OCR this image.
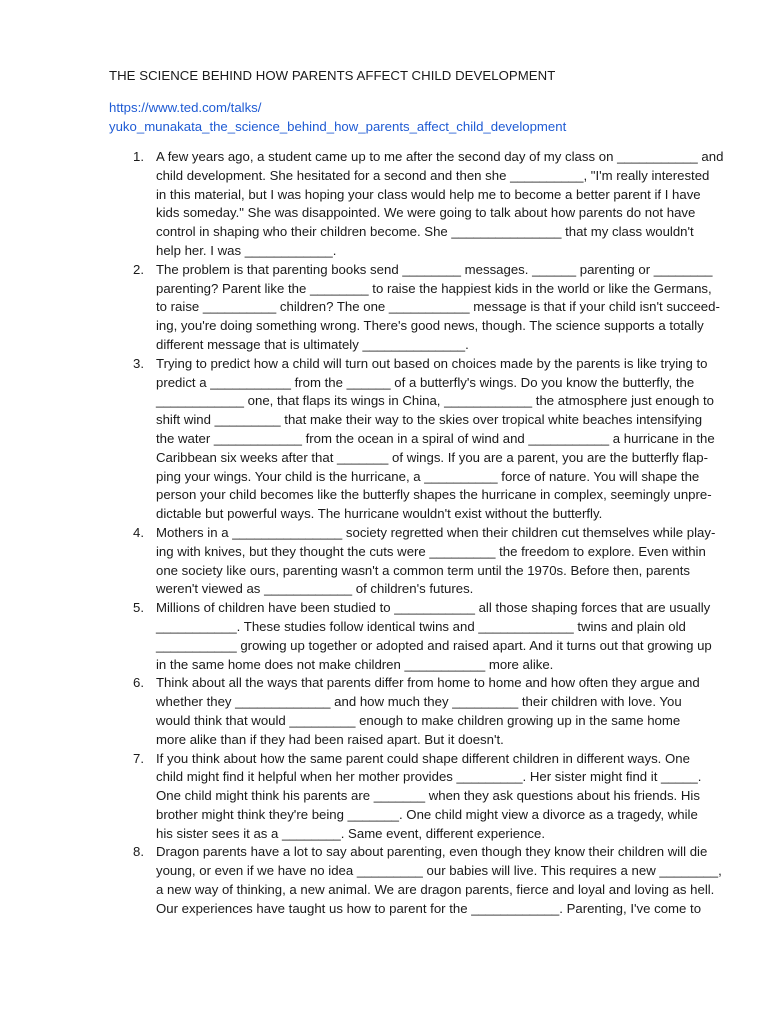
THE SCIENCE BEHIND HOW PARENTS AFFECT CHILD DEVELOPMENT
https://www.ted.com/talks/
yuko_munakata_the_science_behind_how_parents_affect_child_development
1. A few years ago, a student came up to me after the second day of my class on ___________ and
child development. She hesitated for a second and then she __________, "I'm really interested
in this material, but I was hoping your class would help me to become a better parent if I have
kids someday." She was disappointed. We were going to talk about how parents do not have
control in shaping who their children become. She _______________ that my class wouldn't
help her. I was ____________.
2. The problem is that parenting books send ________ messages. ______ parenting or ________
parenting? Parent like the ________ to raise the happiest kids in the world or like the Germans,
to raise __________ children? The one ___________ message is that if your child isn't succeed-
ing, you're doing something wrong. There's good news, though. The science supports a totally
different message that is ultimately ______________.
3. Trying to predict how a child will turn out based on choices made by the parents is like trying to
predict a ___________ from the ______ of a butterfly's wings. Do you know the butterfly, the
____________ one, that flaps its wings in China, ____________ the atmosphere just enough to
shift wind _________ that make their way to the skies over tropical white beaches intensifying
the water ____________ from the ocean in a spiral of wind and ___________ a hurricane in the
Caribbean six weeks after that _______ of wings. If you are a parent, you are the butterfly flap-
ping your wings. Your child is the hurricane, a __________ force of nature. You will shape the
person your child becomes like the butterfly shapes the hurricane in complex, seemingly unpre-
dictable but powerful ways. The hurricane wouldn't exist without the butterfly.
4. Mothers in a _______________ society regretted when their children cut themselves while play-
ing with knives, but they thought the cuts were _________ the freedom to explore. Even within
one society like ours, parenting wasn't a common term until the 1970s. Before then, parents
weren't viewed as ____________ of children's futures.
5. Millions of children have been studied to ___________ all those shaping forces that are usually
___________. These studies follow identical twins and _____________ twins and plain old
___________ growing up together or adopted and raised apart. And it turns out that growing up
in the same home does not make children ___________ more alike.
6. Think about all the ways that parents differ from home to home and how often they argue and
whether they _____________ and how much they _________ their children with love. You
would think that would _________ enough to make children growing up in the same home
more alike than if they had been raised apart. But it doesn't.
7. If you think about how the same parent could shape different children in different ways. One
child might find it helpful when her mother provides _________. Her sister might find it _____.
One child might think his parents are _______ when they ask questions about his friends. His
brother might think they're being _______. One child might view a divorce as a tragedy, while
his sister sees it as a ________. Same event, different experience.
8. Dragon parents have a lot to say about parenting, even though they know their children will die
young, or even if we have no idea _________ our babies will live. This requires a new ________,
a new way of thinking, a new animal. We are dragon parents, fierce and loyal and loving as hell.
Our experiences have taught us how to parent for the ____________. Parenting, I've come to
